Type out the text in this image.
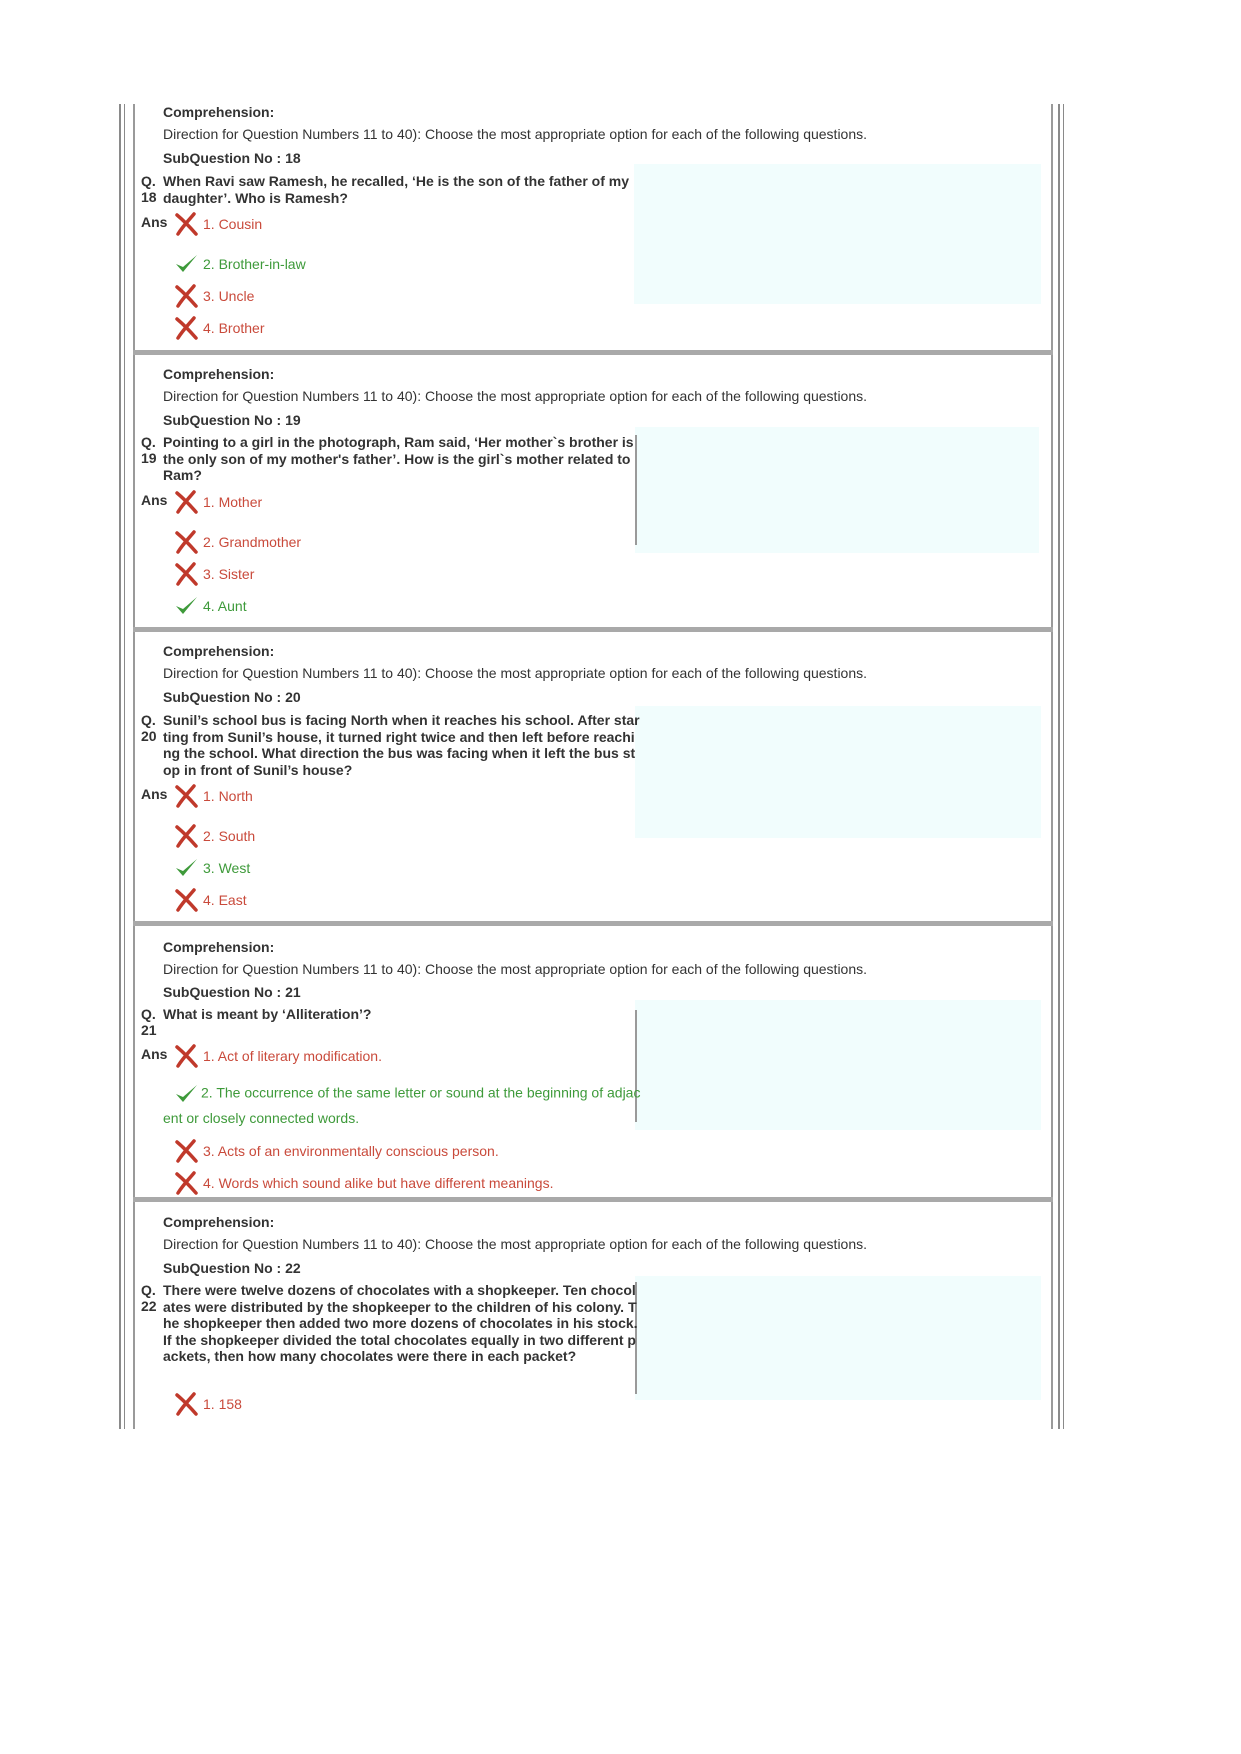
Comprehension:
Direction for Question Numbers 11 to 40): Choose the most appropriate option for each of the following questions.
SubQuestion No : 18
Q.
18
When Ravi saw Ramesh, he recalled, ‘He is the son of the father of my daughter’. Who is Ramesh?
Ans	1. Cousin
2. Brother-in-law
3. Uncle
4. Brother
Comprehension:
Direction for Question Numbers 11 to 40): Choose the most appropriate option for each of the following questions.
SubQuestion No : 19
Q.
19
Pointing to a girl in the photograph, Ram said, ‘Her mother`s brother is the only son of my mother's father’. How is the girl`s mother related to Ram?
Ans	1. Mother
2. Grandmother
3. Sister
4. Aunt
Comprehension:
Direction for Question Numbers 11 to 40): Choose the most appropriate option for each of the following questions.
SubQuestion No : 20
Q.
20
Sunil’s school bus is facing North when it reaches his school. After starting from Sunil’s house, it turned right twice and then left before reaching the school. What direction the bus was facing when it left the bus stop in front of Sunil’s house?
Ans	1. North
2. South
3. West
4. East
Comprehension:
Direction for Question Numbers 11 to 40): Choose the most appropriate option for each of the following questions.
SubQuestion No : 21
Q.
21
What is meant by ‘Alliteration’?
Ans	1. Act of literary modification.
2. The occurrence of the same letter or sound at the beginning of adjacent or closely connected words.
3. Acts of an environmentally conscious person.
4. Words which sound alike but have different meanings.
Comprehension:
Direction for Question Numbers 11 to 40): Choose the most appropriate option for each of the following questions.
SubQuestion No : 22
Q.
22
There were twelve dozens of chocolates with a shopkeeper. Ten chocolates were distributed by the shopkeeper to the children of his colony. The shopkeeper then added two more dozens of chocolates in his stock. If the shopkeeper divided the total chocolates equally in two different packets, then how many chocolates were there in each packet?
1. 158
